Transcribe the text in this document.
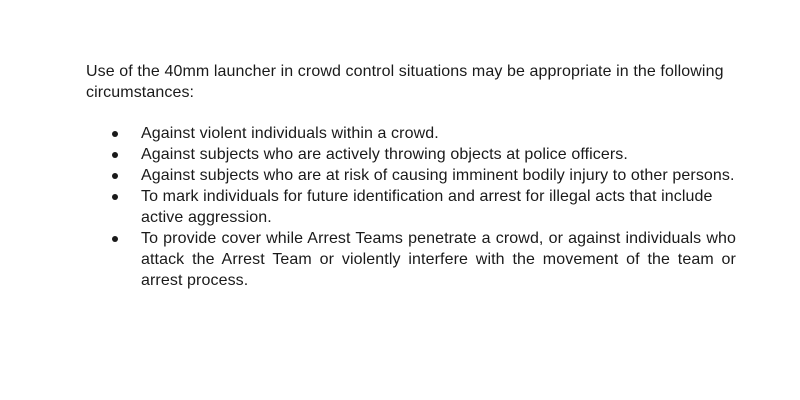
Use of the 40mm launcher in crowd control situations may be appropriate in the following circumstances:

Against violent individuals within a crowd.
Against subjects who are actively throwing objects at police officers.
Against subjects who are at risk of causing imminent bodily injury to other persons.
To mark individuals for future identification and arrest for illegal acts that include active aggression.
To provide cover while Arrest Teams penetrate a crowd, or against individuals who attack the Arrest Team or violently interfere with the movement of the team or arrest process.
